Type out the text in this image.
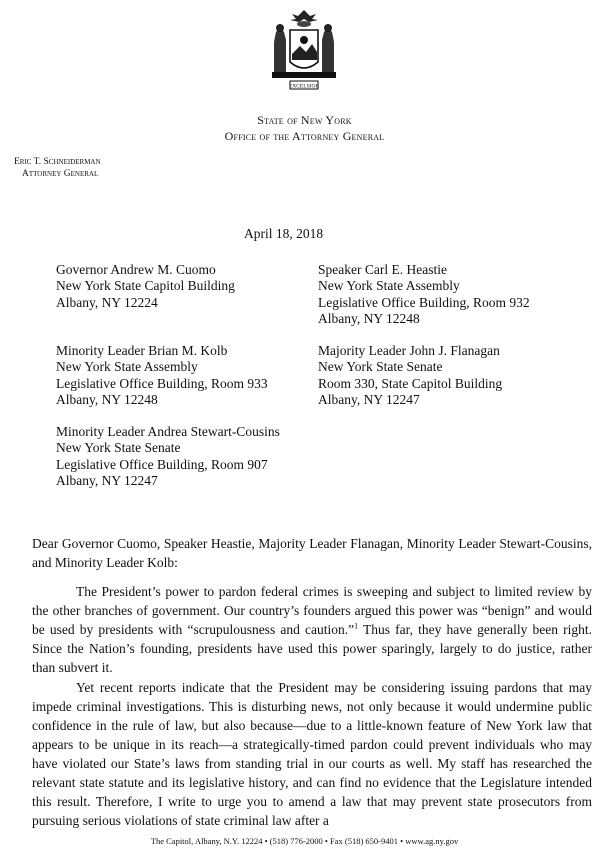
EXCELSIOR
State of New York
Office of the Attorney General
Eric T. Schneiderman
Attorney General
April 18, 2018
Governor Andrew M. Cuomo
New York State Capitol Building
Albany, NY 12224
Speaker Carl E. Heastie
New York State Assembly
Legislative Office Building, Room 932
Albany, NY 12248
Minority Leader Brian M. Kolb
New York State Assembly
Legislative Office Building, Room 933
Albany, NY 12248
Majority Leader John J. Flanagan
New York State Senate
Room 330, State Capitol Building
Albany, NY 12247
Minority Leader Andrea Stewart-Cousins
New York State Senate
Legislative Office Building, Room 907
Albany, NY 12247
Dear Governor Cuomo, Speaker Heastie, Majority Leader Flanagan, Minority Leader Stewart-Cousins, and Minority Leader Kolb:
The President’s power to pardon federal crimes is sweeping and subject to limited review by the other branches of government. Our country’s founders argued this power was “benign” and would be used by presidents with “scrupulousness and caution.”$^1$ Thus far, they have generally been right. Since the Nation’s founding, presidents have used this power sparingly, largely to do justice, rather than subvert it.
Yet recent reports indicate that the President may be considering issuing pardons that may impede criminal investigations. This is disturbing news, not only because it would undermine public confidence in the rule of law, but also because—due to a little-known feature of New York law that appears to be unique in its reach—a strategically-timed pardon could prevent individuals who may have violated our State’s laws from standing trial in our courts as well. My staff has researched the relevant state statute and its legislative history, and can find no evidence that the Legislature intended this result. Therefore, I write to urge you to amend a law that may prevent state prosecutors from pursuing serious violations of state criminal law after a
The Capitol, Albany, N.Y. 12224 • (518) 776-2000 • Fax (518) 650-9401 • www.ag.ny.gov
